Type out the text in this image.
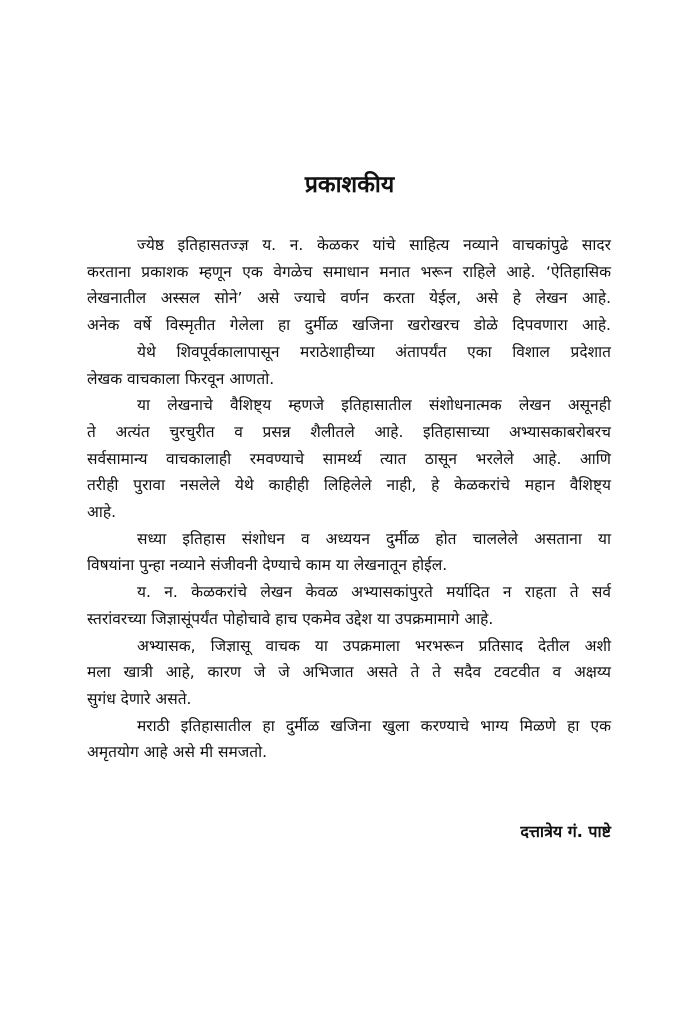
प्रकाशकीय

ज्येष्ठ इतिहासतज्ज्ञ य. न. केळकर यांचे साहित्य नव्याने वाचकांपुढे सादर
करताना प्रकाशक म्हणून एक वेगळेच समाधान मनात भरून राहिले आहे. ‘ऐतिहासिक
लेखनातील अस्सल सोने’ असे ज्याचे वर्णन करता येईल, असे हे लेखन आहे.
अनेक वर्षे विस्मृतीत गेलेला हा दुर्मीळ खजिना खरोखरच डोळे दिपवणारा आहे.

येथे शिवपूर्वकालापासून मराठेशाहीच्या अंतापर्यंत एका विशाल प्रदेशात
लेखक वाचकाला फिरवून आणतो.

या लेखनाचे वैशिष्ट्य म्हणजे इतिहासातील संशोधनात्मक लेखन असूनही
ते अत्यंत चुरचुरीत व प्रसन्न शैलीतले आहे. इतिहासाच्या अभ्यासकाबरोबरच
सर्वसामान्य वाचकालाही रमवण्याचे सामर्थ्य त्यात ठासून भरलेले आहे. आणि
तरीही पुरावा नसलेले येथे काहीही लिहिलेले नाही, हे केळकरांचे महान वैशिष्ट्य
आहे.

सध्या इतिहास संशोधन व अध्ययन दुर्मीळ होत चाललेले असताना या
विषयांना पुन्हा नव्याने संजीवनी देण्याचे काम या लेखनातून होईल.

य. न. केळकरांचे लेखन केवळ अभ्यासकांपुरते मर्यादित न राहता ते सर्व
स्तरांवरच्या जिज्ञासूंपर्यंत पोहोचावे हाच एकमेव उद्देश या उपक्रमामागे आहे.

अभ्यासक, जिज्ञासू वाचक या उपक्रमाला भरभरून प्रतिसाद देतील अशी
मला खात्री आहे, कारण जे जे अभिजात असते ते ते सदैव टवटवीत व अक्षय्य
सुगंध देणारे असते.

मराठी इतिहासातील हा दुर्मीळ खजिना खुला करण्याचे भाग्य मिळणे हा एक
अमृतयोग आहे असे मी समजतो.

दत्तात्रेय गं. पाष्टे
